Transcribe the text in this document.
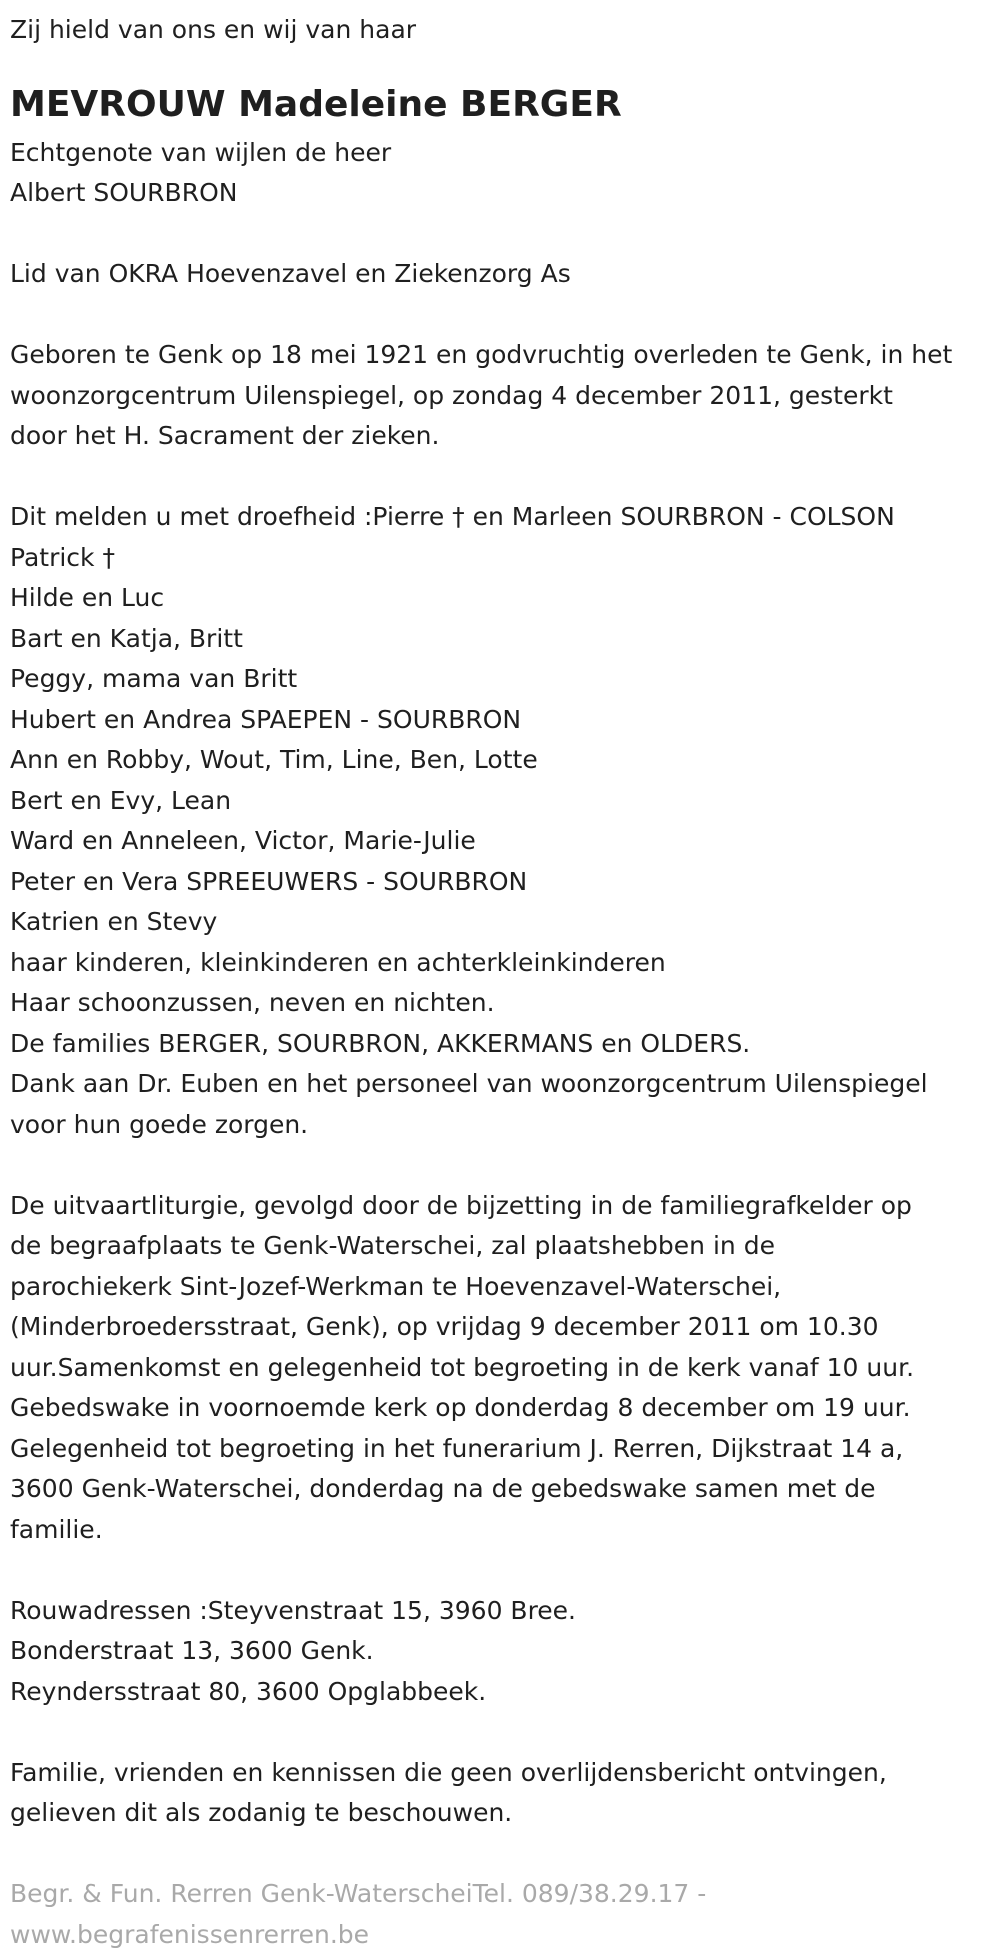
Zij hield van ons en wij van haar
MEVROUW Madeleine BERGER
Echtgenote van wijlen de heer
Albert SOURBRON
Lid van OKRA Hoevenzavel en Ziekenzorg As
Geboren te Genk op 18 mei 1921 en godvruchtig overleden te Genk, in het
woonzorgcentrum Uilenspiegel, op zondag 4 december 2011, gesterkt
door het H. Sacrament der zieken.
Dit melden u met droefheid :Pierre † en Marleen SOURBRON - COLSON
Patrick †
Hilde en Luc
Bart en Katja, Britt
Peggy, mama van Britt
Hubert en Andrea SPAEPEN - SOURBRON
Ann en Robby, Wout, Tim, Line, Ben, Lotte
Bert en Evy, Lean
Ward en Anneleen, Victor, Marie-Julie
Peter en Vera SPREEUWERS - SOURBRON
Katrien en Stevy
haar kinderen, kleinkinderen en achterkleinkinderen
Haar schoonzussen, neven en nichten.
De families BERGER, SOURBRON, AKKERMANS en OLDERS.
Dank aan Dr. Euben en het personeel van woonzorgcentrum Uilenspiegel
voor hun goede zorgen.
De uitvaartliturgie, gevolgd door de bijzetting in de familiegrafkelder op
de begraafplaats te Genk-Waterschei, zal plaatshebben in de
parochiekerk Sint-Jozef-Werkman te Hoevenzavel-Waterschei,
(Minderbroedersstraat, Genk), op vrijdag 9 december 2011 om 10.30
uur.Samenkomst en gelegenheid tot begroeting in de kerk vanaf 10 uur.
Gebedswake in voornoemde kerk op donderdag 8 december om 19 uur.
Gelegenheid tot begroeting in het funerarium J. Rerren, Dijkstraat 14 a,
3600 Genk-Waterschei, donderdag na de gebedswake samen met de
familie.
Rouwadressen :Steyvenstraat 15, 3960 Bree.
Bonderstraat 13, 3600 Genk.
Reyndersstraat 80, 3600 Opglabbeek.
Familie, vrienden en kennissen die geen overlijdensbericht ontvingen,
gelieven dit als zodanig te beschouwen.
Begr. & Fun. Rerren Genk-WaterscheiTel. 089/38.29.17 -
www.begrafenissenrerren.be
